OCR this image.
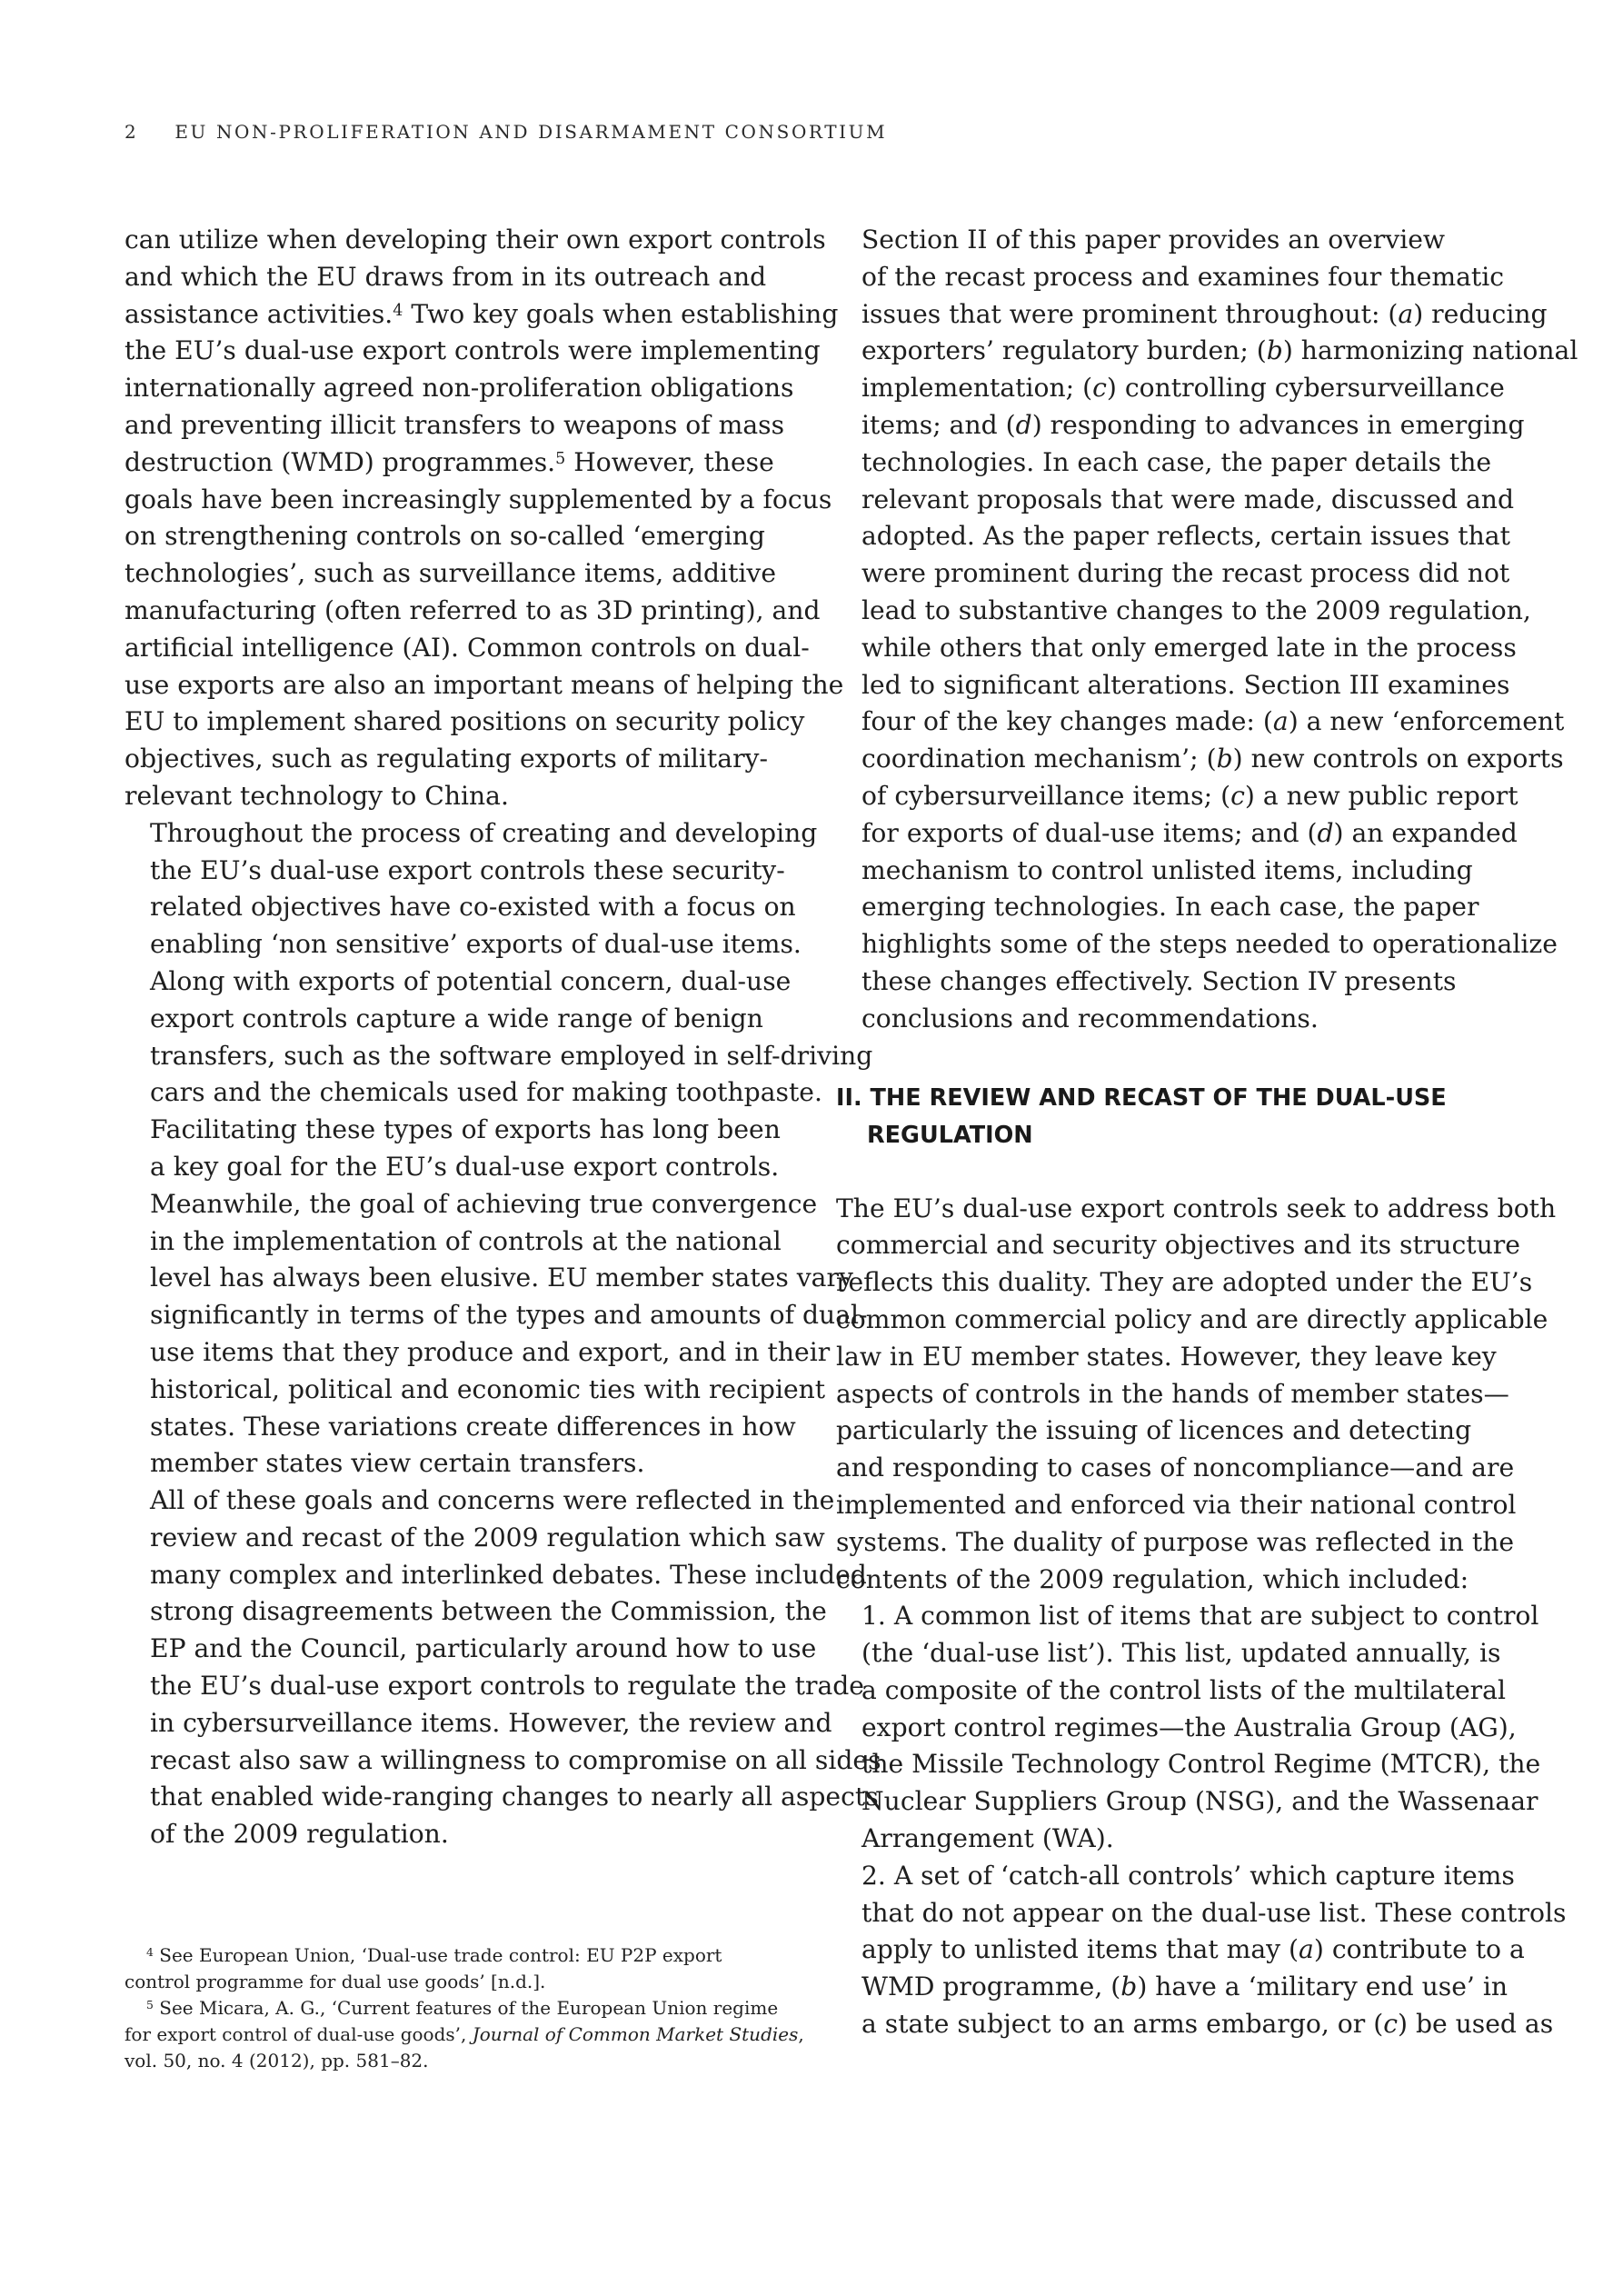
2 EU NON-PROLIFERATION AND DISARMAMENT CONSORTIUM

can utilize when developing their own export controls
and which the EU draws from in its outreach and
assistance activities.$^4$ Two key goals when establishing
the EU’s dual-use export controls were implementing
internationally agreed non-proliferation obligations
and preventing illicit transfers to weapons of mass
destruction (WMD) programmes.$^5$ However, these
goals have been increasingly supplemented by a focus
on strengthening controls on so-called ‘emerging
technologies’, such as surveillance items, additive
manufacturing (often referred to as 3D printing), and
artificial intelligence (AI). Common controls on dual-
use exports are also an important means of helping the
EU to implement shared positions on security policy
objectives, such as regulating exports of military-
relevant technology to China.

Throughout the process of creating and developing
the EU’s dual-use export controls these security-
related objectives have co-existed with a focus on
enabling ‘non sensitive’ exports of dual-use items.
Along with exports of potential concern, dual-use
export controls capture a wide range of benign
transfers, such as the software employed in self-driving
cars and the chemicals used for making toothpaste.
Facilitating these types of exports has long been
a key goal for the EU’s dual-use export controls.
Meanwhile, the goal of achieving true convergence
in the implementation of controls at the national
level has always been elusive. EU member states vary
significantly in terms of the types and amounts of dual-
use items that they produce and export, and in their
historical, political and economic ties with recipient
states. These variations create differences in how
member states view certain transfers.

All of these goals and concerns were reflected in the
review and recast of the 2009 regulation which saw
many complex and interlinked debates. These included
strong disagreements between the Commission, the
EP and the Council, particularly around how to use
the EU’s dual-use export controls to regulate the trade
in cybersurveillance items. However, the review and
recast also saw a willingness to compromise on all sides
that enabled wide-ranging changes to nearly all aspects
of the 2009 regulation.

$^4$ See European Union, ‘Dual-use trade control: EU P2P export

control programme for dual use goods’ [n.d.].

$^5$ See Micara, A. G., ‘Current features of the European Union regime

for export control of dual-use goods’, Journal of Common Market Studies,

vol. 50, no. 4 (2012), pp. 581–82.

Section II of this paper provides an overview
of the recast process and examines four thematic
issues that were prominent throughout: (a) reducing
exporters’ regulatory burden; (b) harmonizing national
implementation; (c) controlling cybersurveillance
items; and (d) responding to advances in emerging
technologies. In each case, the paper details the
relevant proposals that were made, discussed and
adopted. As the paper reflects, certain issues that
were prominent during the recast process did not
lead to substantive changes to the 2009 regulation,
while others that only emerged late in the process
led to significant alterations. Section III examines
four of the key changes made: (a) a new ‘enforcement
coordination mechanism’; (b) new controls on exports
of cybersurveillance items; (c) a new public report
for exports of dual-use items; and (d) an expanded
mechanism to control unlisted items, including
emerging technologies. In each case, the paper
highlights some of the steps needed to operationalize
these changes effectively. Section IV presents
conclusions and recommendations.

II. THE REVIEW AND RECAST OF THE DUAL-USE
REGULATION

The EU’s dual-use export controls seek to address both
commercial and security objectives and its structure
reflects this duality. They are adopted under the EU’s
common commercial policy and are directly applicable
law in EU member states. However, they leave key
aspects of controls in the hands of member states—
particularly the issuing of licences and detecting
and responding to cases of noncompliance—and are
implemented and enforced via their national control
systems. The duality of purpose was reflected in the
contents of the 2009 regulation, which included:

1. A common list of items that are subject to control
(the ‘dual-use list’). This list, updated annually, is
a composite of the control lists of the multilateral
export control regimes—the Australia Group (AG),
the Missile Technology Control Regime (MTCR), the
Nuclear Suppliers Group (NSG), and the Wassenaar
Arrangement (WA).

2. A set of ‘catch-all controls’ which capture items
that do not appear on the dual-use list. These controls
apply to unlisted items that may (a) contribute to a
WMD programme, (b) have a ‘military end use’ in
a state subject to an arms embargo, or (c) be used as
